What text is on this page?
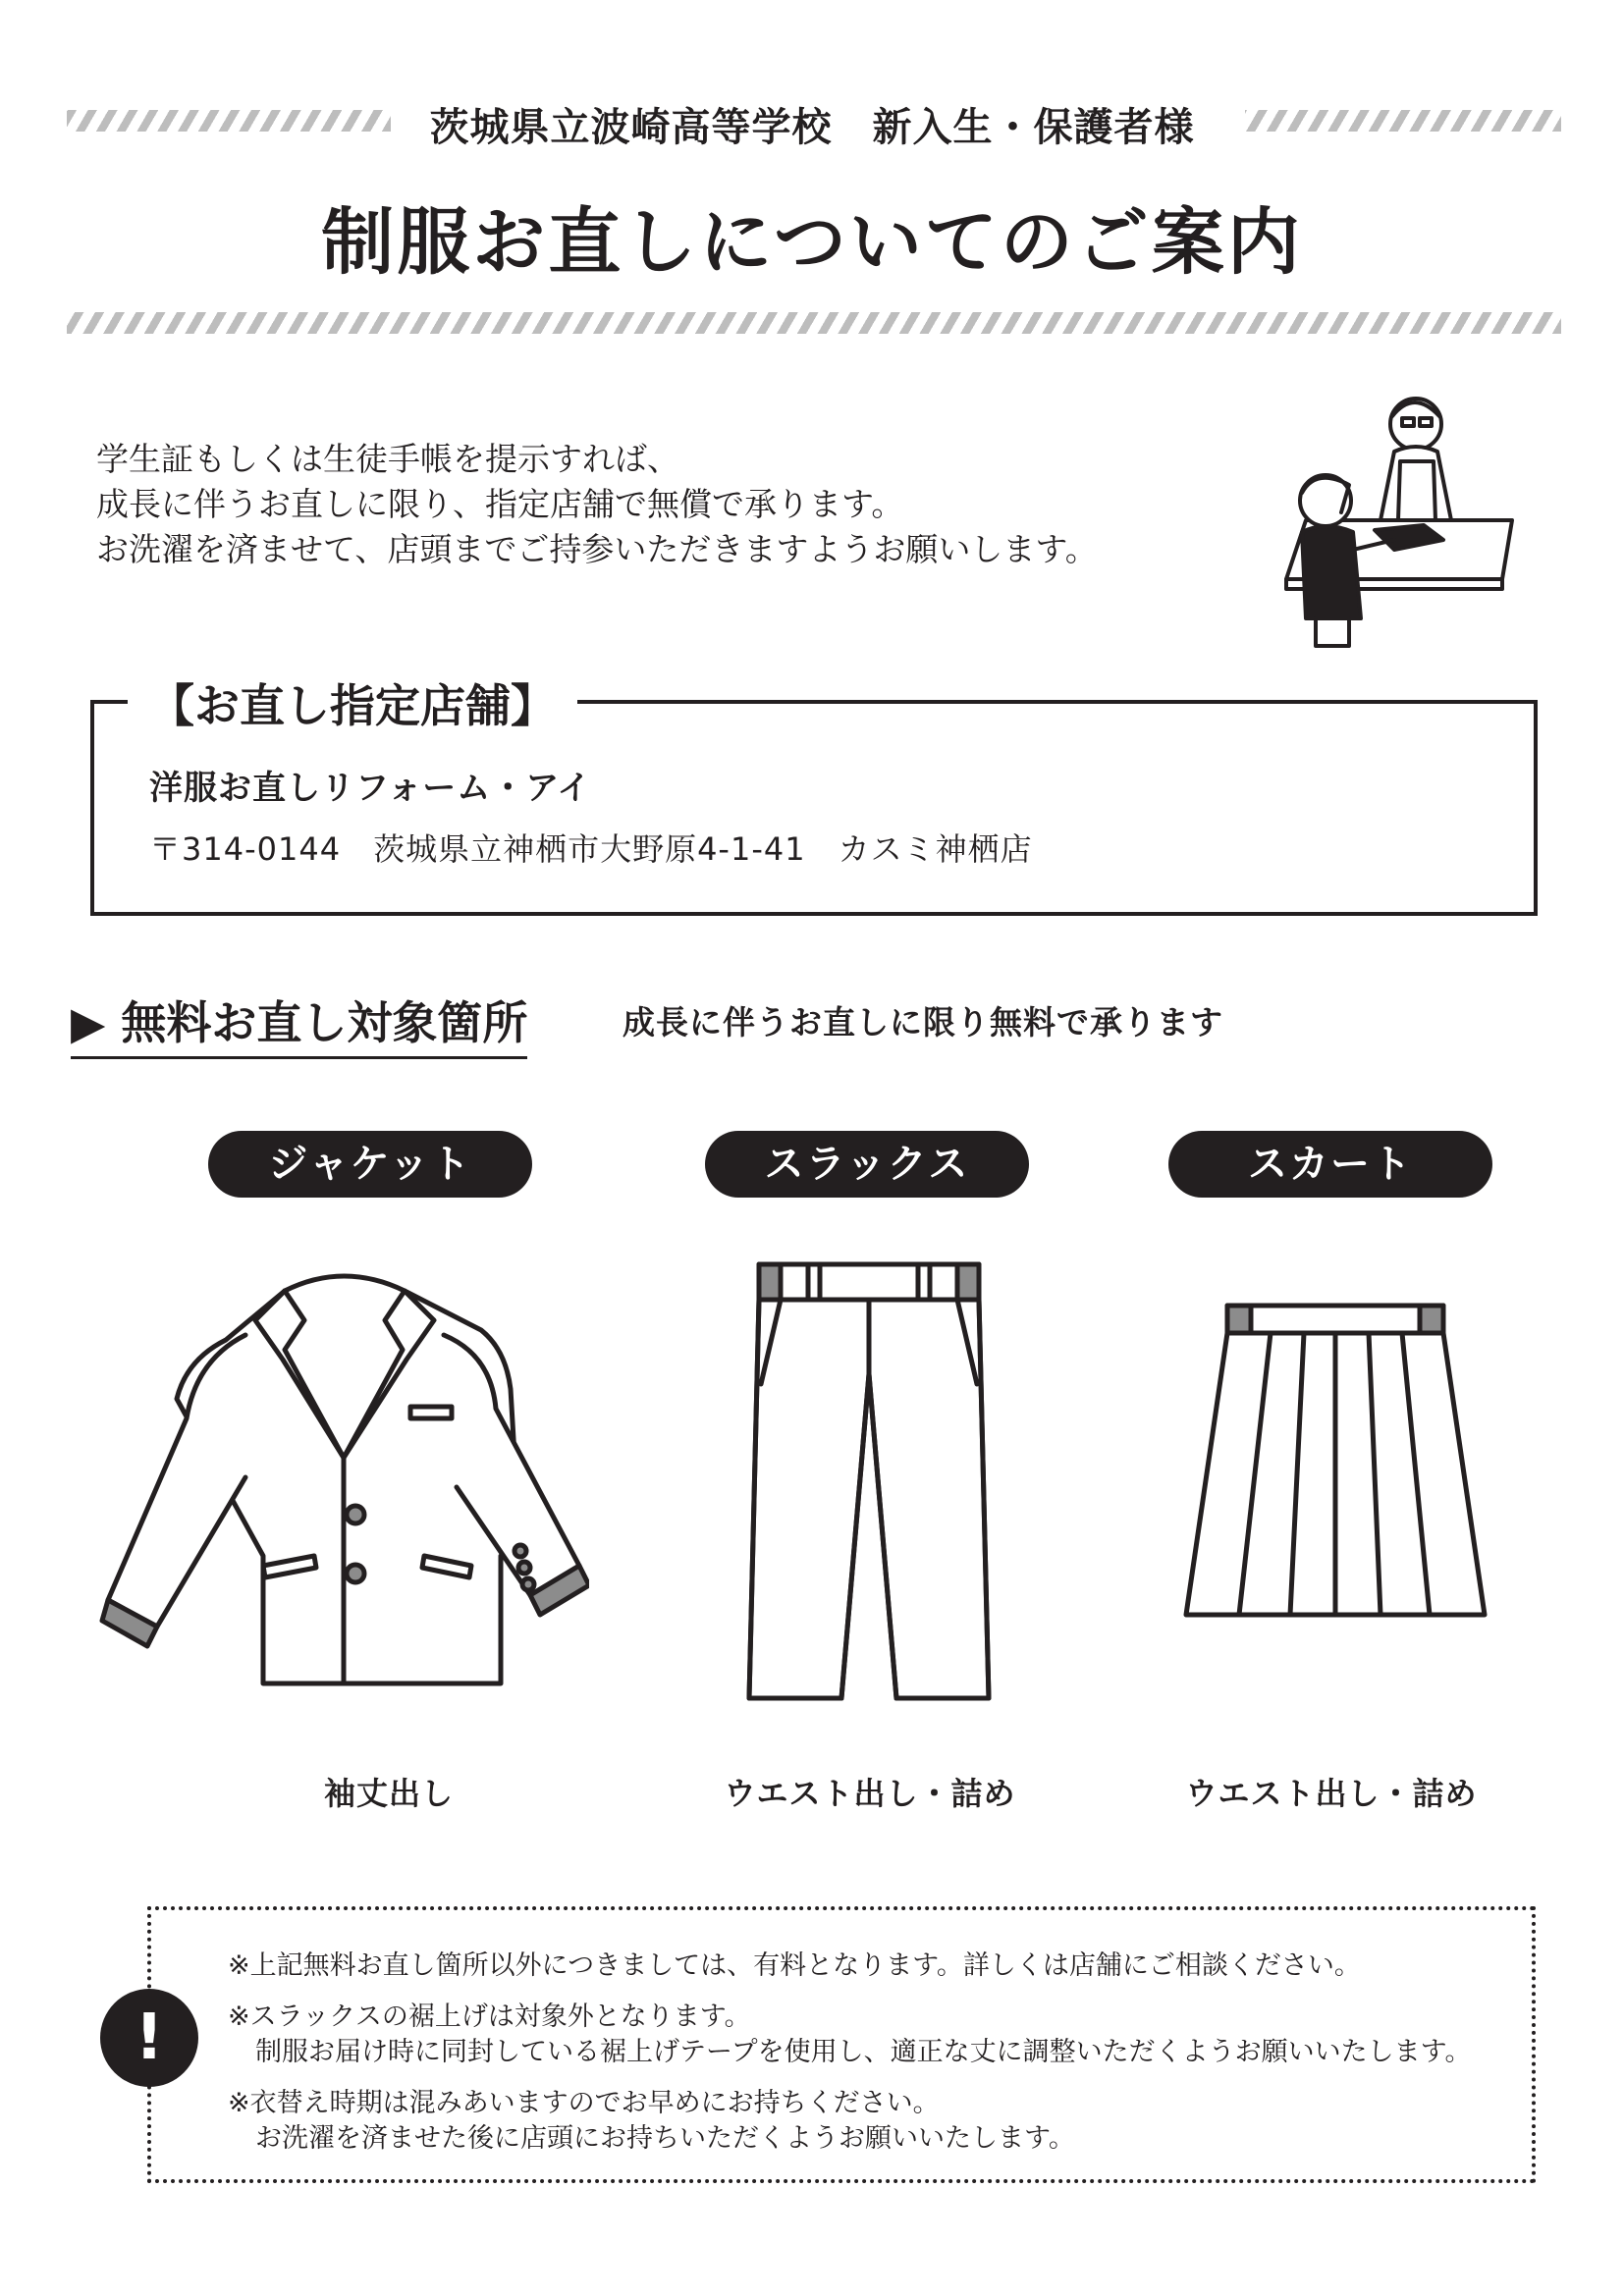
茨城県立波崎高等学校　新入生・保護者様
制服お直しについてのご案内
学生証もしくは生徒手帳を提示すれば、
成長に伴うお直しに限り、指定店舗で無償で承ります。
お洗濯を済ませて、店頭までご持参いただきますようお願いします。
【お直し指定店舗】
洋服お直しリフォーム・アイ
〒314-0144　茨城県立神栖市大野原4-1-41　カスミ神栖店
▶ 無料お直し対象箇所	成長に伴うお直しに限り無料で承ります
ジャケット	スラックス	スカート
袖丈出し	ウエスト出し・詰め	ウエスト出し・詰め
!
※上記無料お直し箇所以外につきましては、有料となります。詳しくは店舗にご相談ください。
※スラックスの裾上げは対象外となります。
制服お届け時に同封している裾上げテープを使用し、適正な丈に調整いただくようお願いいたします。
※衣替え時期は混みあいますのでお早めにお持ちください。
お洗濯を済ませた後に店頭にお持ちいただくようお願いいたします。
